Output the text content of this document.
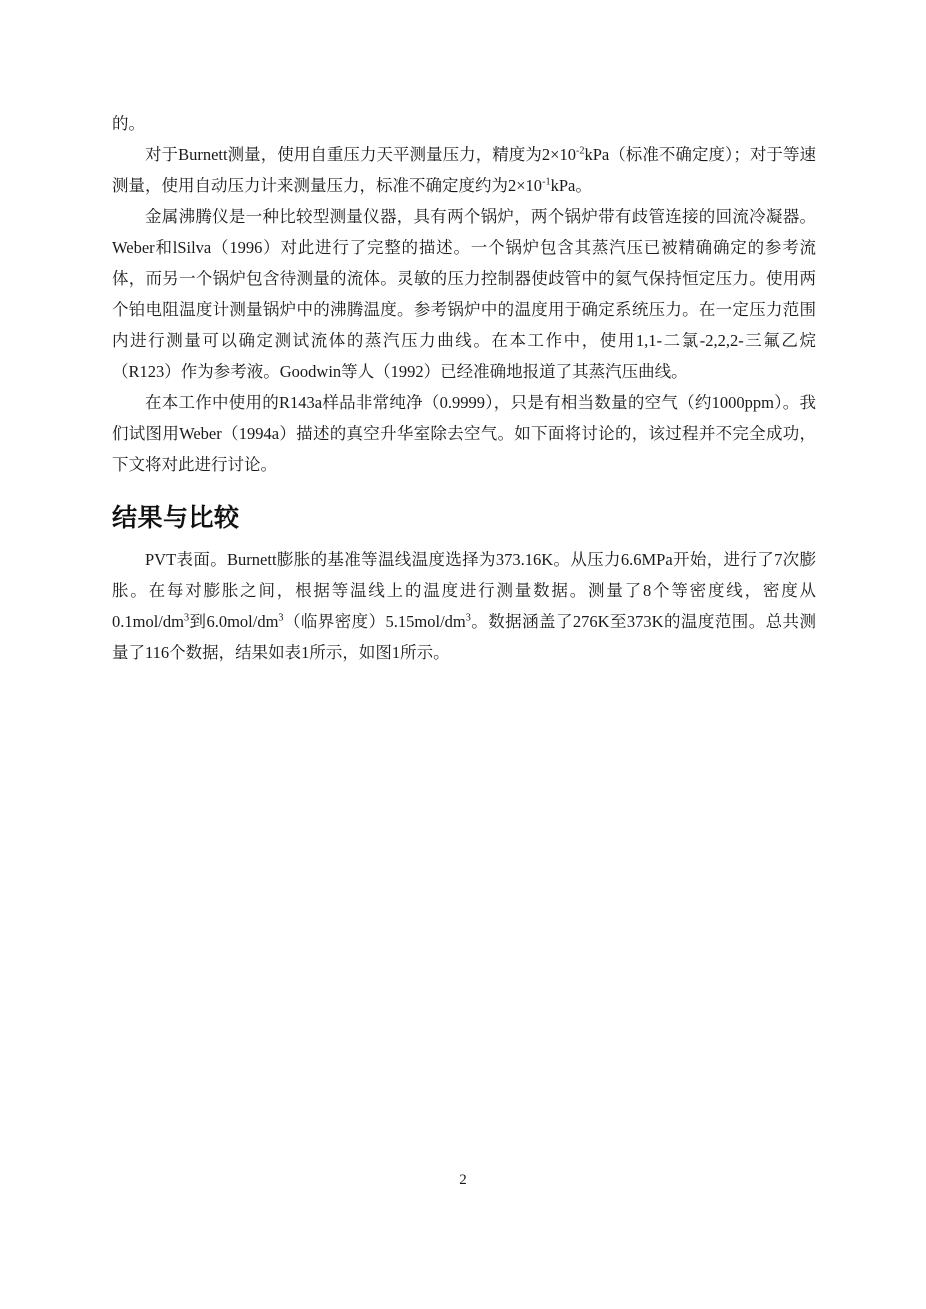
的。

对于Burnett测量，使用自重压力天平测量压力，精度为$2\times 10^{-2}kPa$（标准不确定度）；对于等速测量，使用自动压力计来测量压力，标准不确定度约为$2\times 10^{-1}kPa$。

金属沸腾仪是一种比较型测量仪器，具有两个锅炉，两个锅炉带有歧管连接的回流冷凝器。Weber和lSilva（1996）对此进行了完整的描述。一个锅炉包含其蒸汽压已被精确确定的参考流体，而另一个锅炉包含待测量的流体。灵敏的压力控制器使歧管中的氦气保持恒定压力。使用两个铂电阻温度计测量锅炉中的沸腾温度。参考锅炉中的温度用于确定系统压力。在一定压力范围内进行测量可以确定测试流体的蒸汽压力曲线。在本工作中，使用1,1-二氯-2,2,2-三氟乙烷（R123）作为参考液。Goodwin等人（1992）已经准确地报道了其蒸汽压曲线。

在本工作中使用的R143a样品非常纯净（0.9999），只是有相当数量的空气（约1000ppm）。我们试图用Weber（1994a）描述的真空升华室除去空气。如下面将讨论的，该过程并不完全成功，下文将对此进行讨论。

结果与比较

PVT表面。Burnett膨胀的基准等温线温度选择为373.16K。从压力6.6MPa开始，进行了7次膨胀。在每对膨胀之间，根据等温线上的温度进行测量数据。测量了8个等密度线，密度从$0.1mol/dm^3$到$6.0mol/dm^3$（临界密度）$5.15mol/dm^3$。数据涵盖了276K至373K的温度范围。总共测量了116个数据，结果如表1所示，如图1所示。

2
